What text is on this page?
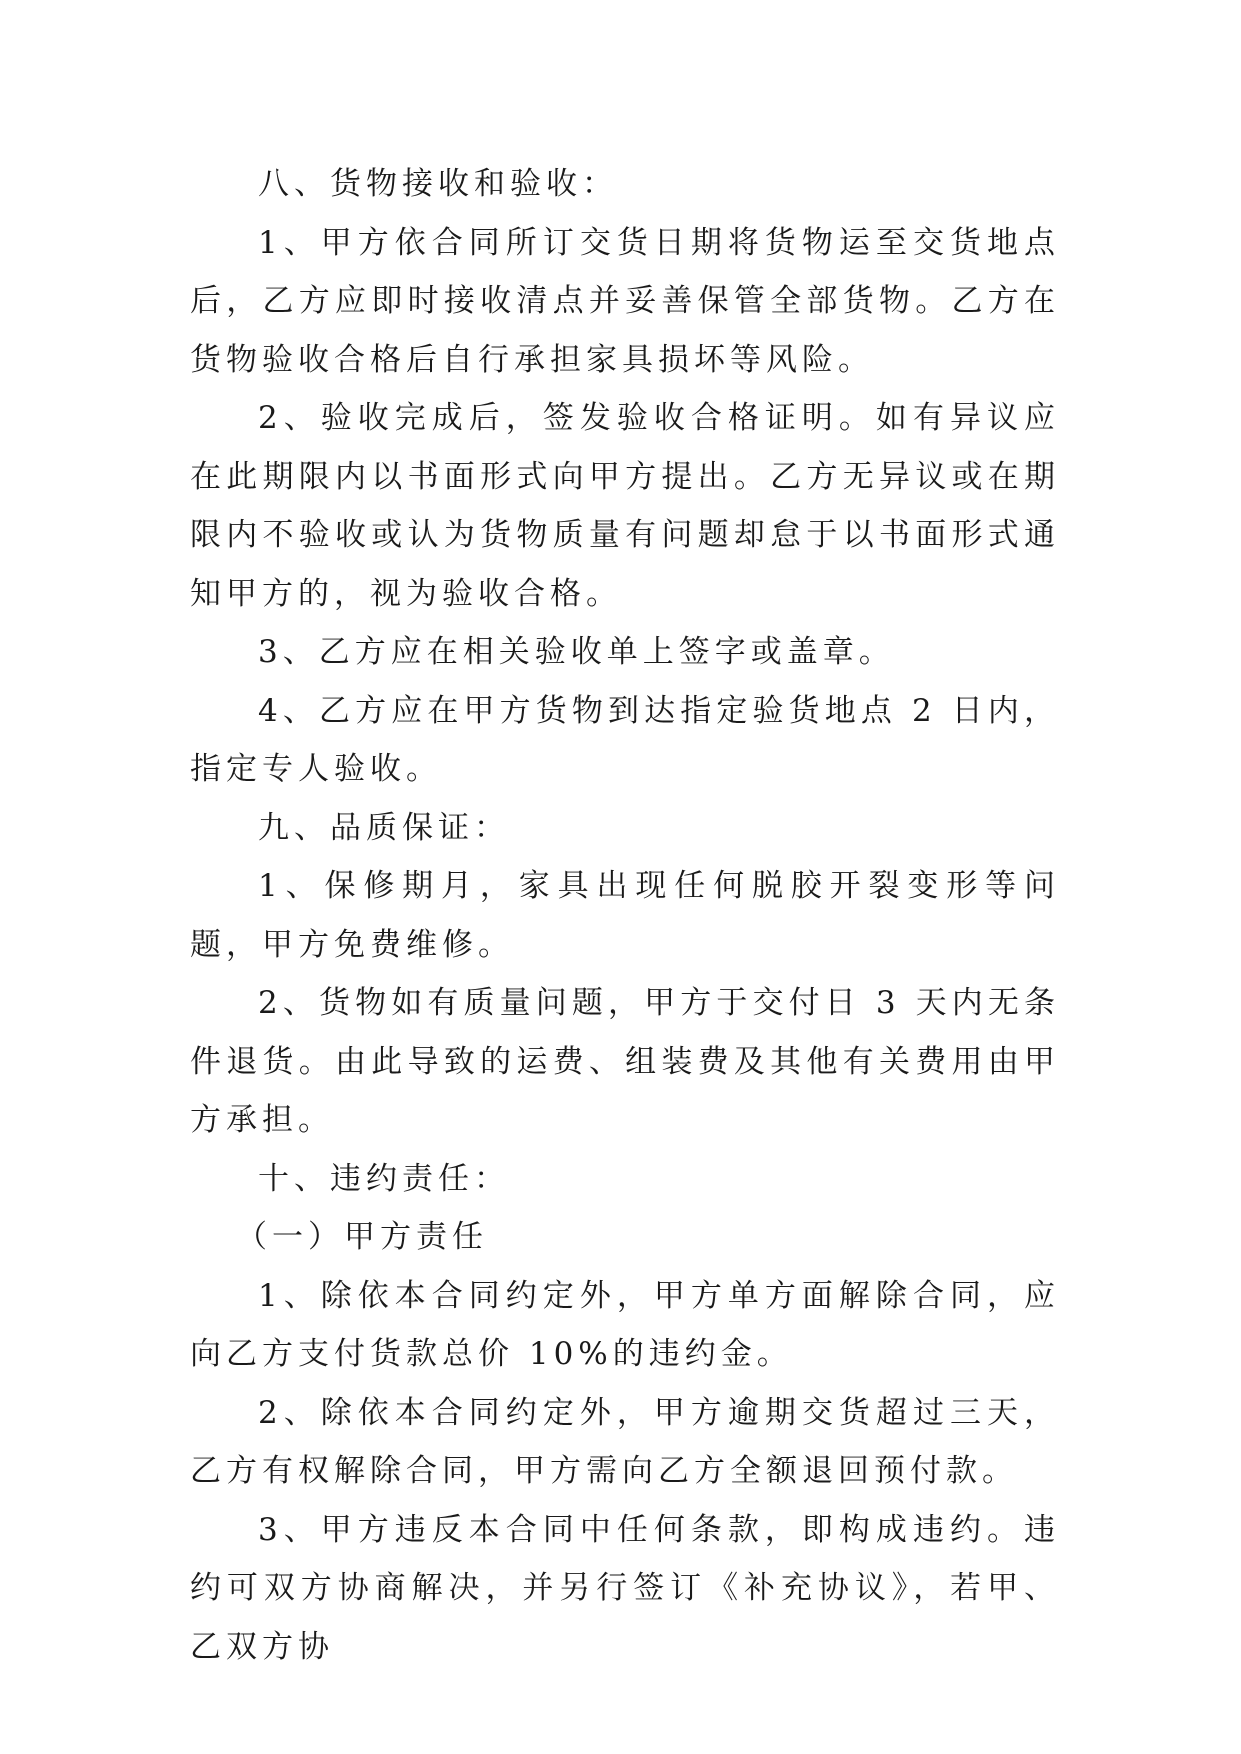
八、货物接收和验收：

1、甲方依合同所订交货日期将货物运至交货地点后，乙方应即时接收清点并妥善保管全部货物。乙方在货物验收合格后自行承担家具损坏等风险。

2、验收完成后，签发验收合格证明。如有异议应在此期限内以书面形式向甲方提出。乙方无异议或在期限内不验收或认为货物质量有问题却怠于以书面形式通知甲方的，视为验收合格。

3、乙方应在相关验收单上签字或盖章。

4、乙方应在甲方货物到达指定验货地点 2 日内，指定专人验收。

九、品质保证：

1、保修期月，家具出现任何脱胶开裂变形等问题，甲方免费维修。

2、货物如有质量问题，甲方于交付日 3 天内无条件退货。由此导致的运费、组装费及其他有关费用由甲方承担。

十、违约责任：

（一）甲方责任

1、除依本合同约定外，甲方单方面解除合同，应向乙方支付货款总价 10%的违约金。

2、除依本合同约定外，甲方逾期交货超过三天，乙方有权解除合同，甲方需向乙方全额退回预付款。

3、甲方违反本合同中任何条款，即构成违约。违约可双方协商解决，并另行签订《补充协议》，若甲、乙双方协
